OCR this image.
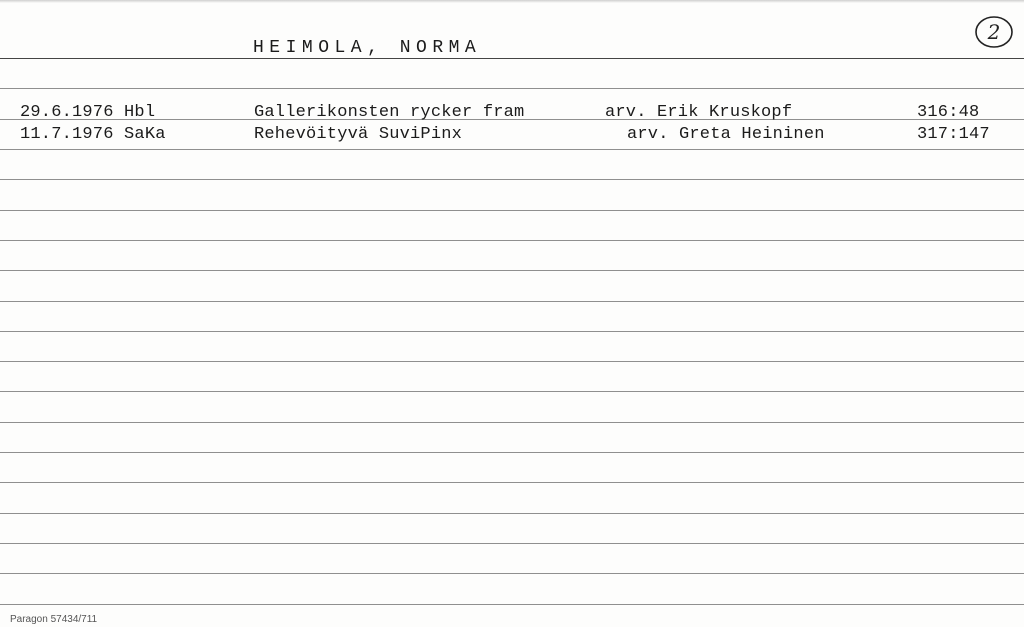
2
HEIMOLA, NORMA
29.6.1976 Hbl	Gallerikonsten rycker fram	arv. Erik Kruskopf	316:48
11.7.1976 SaKa	Rehevöityvä SuviPinx	arv. Greta Heininen	317:147
Paragon 57434/711
